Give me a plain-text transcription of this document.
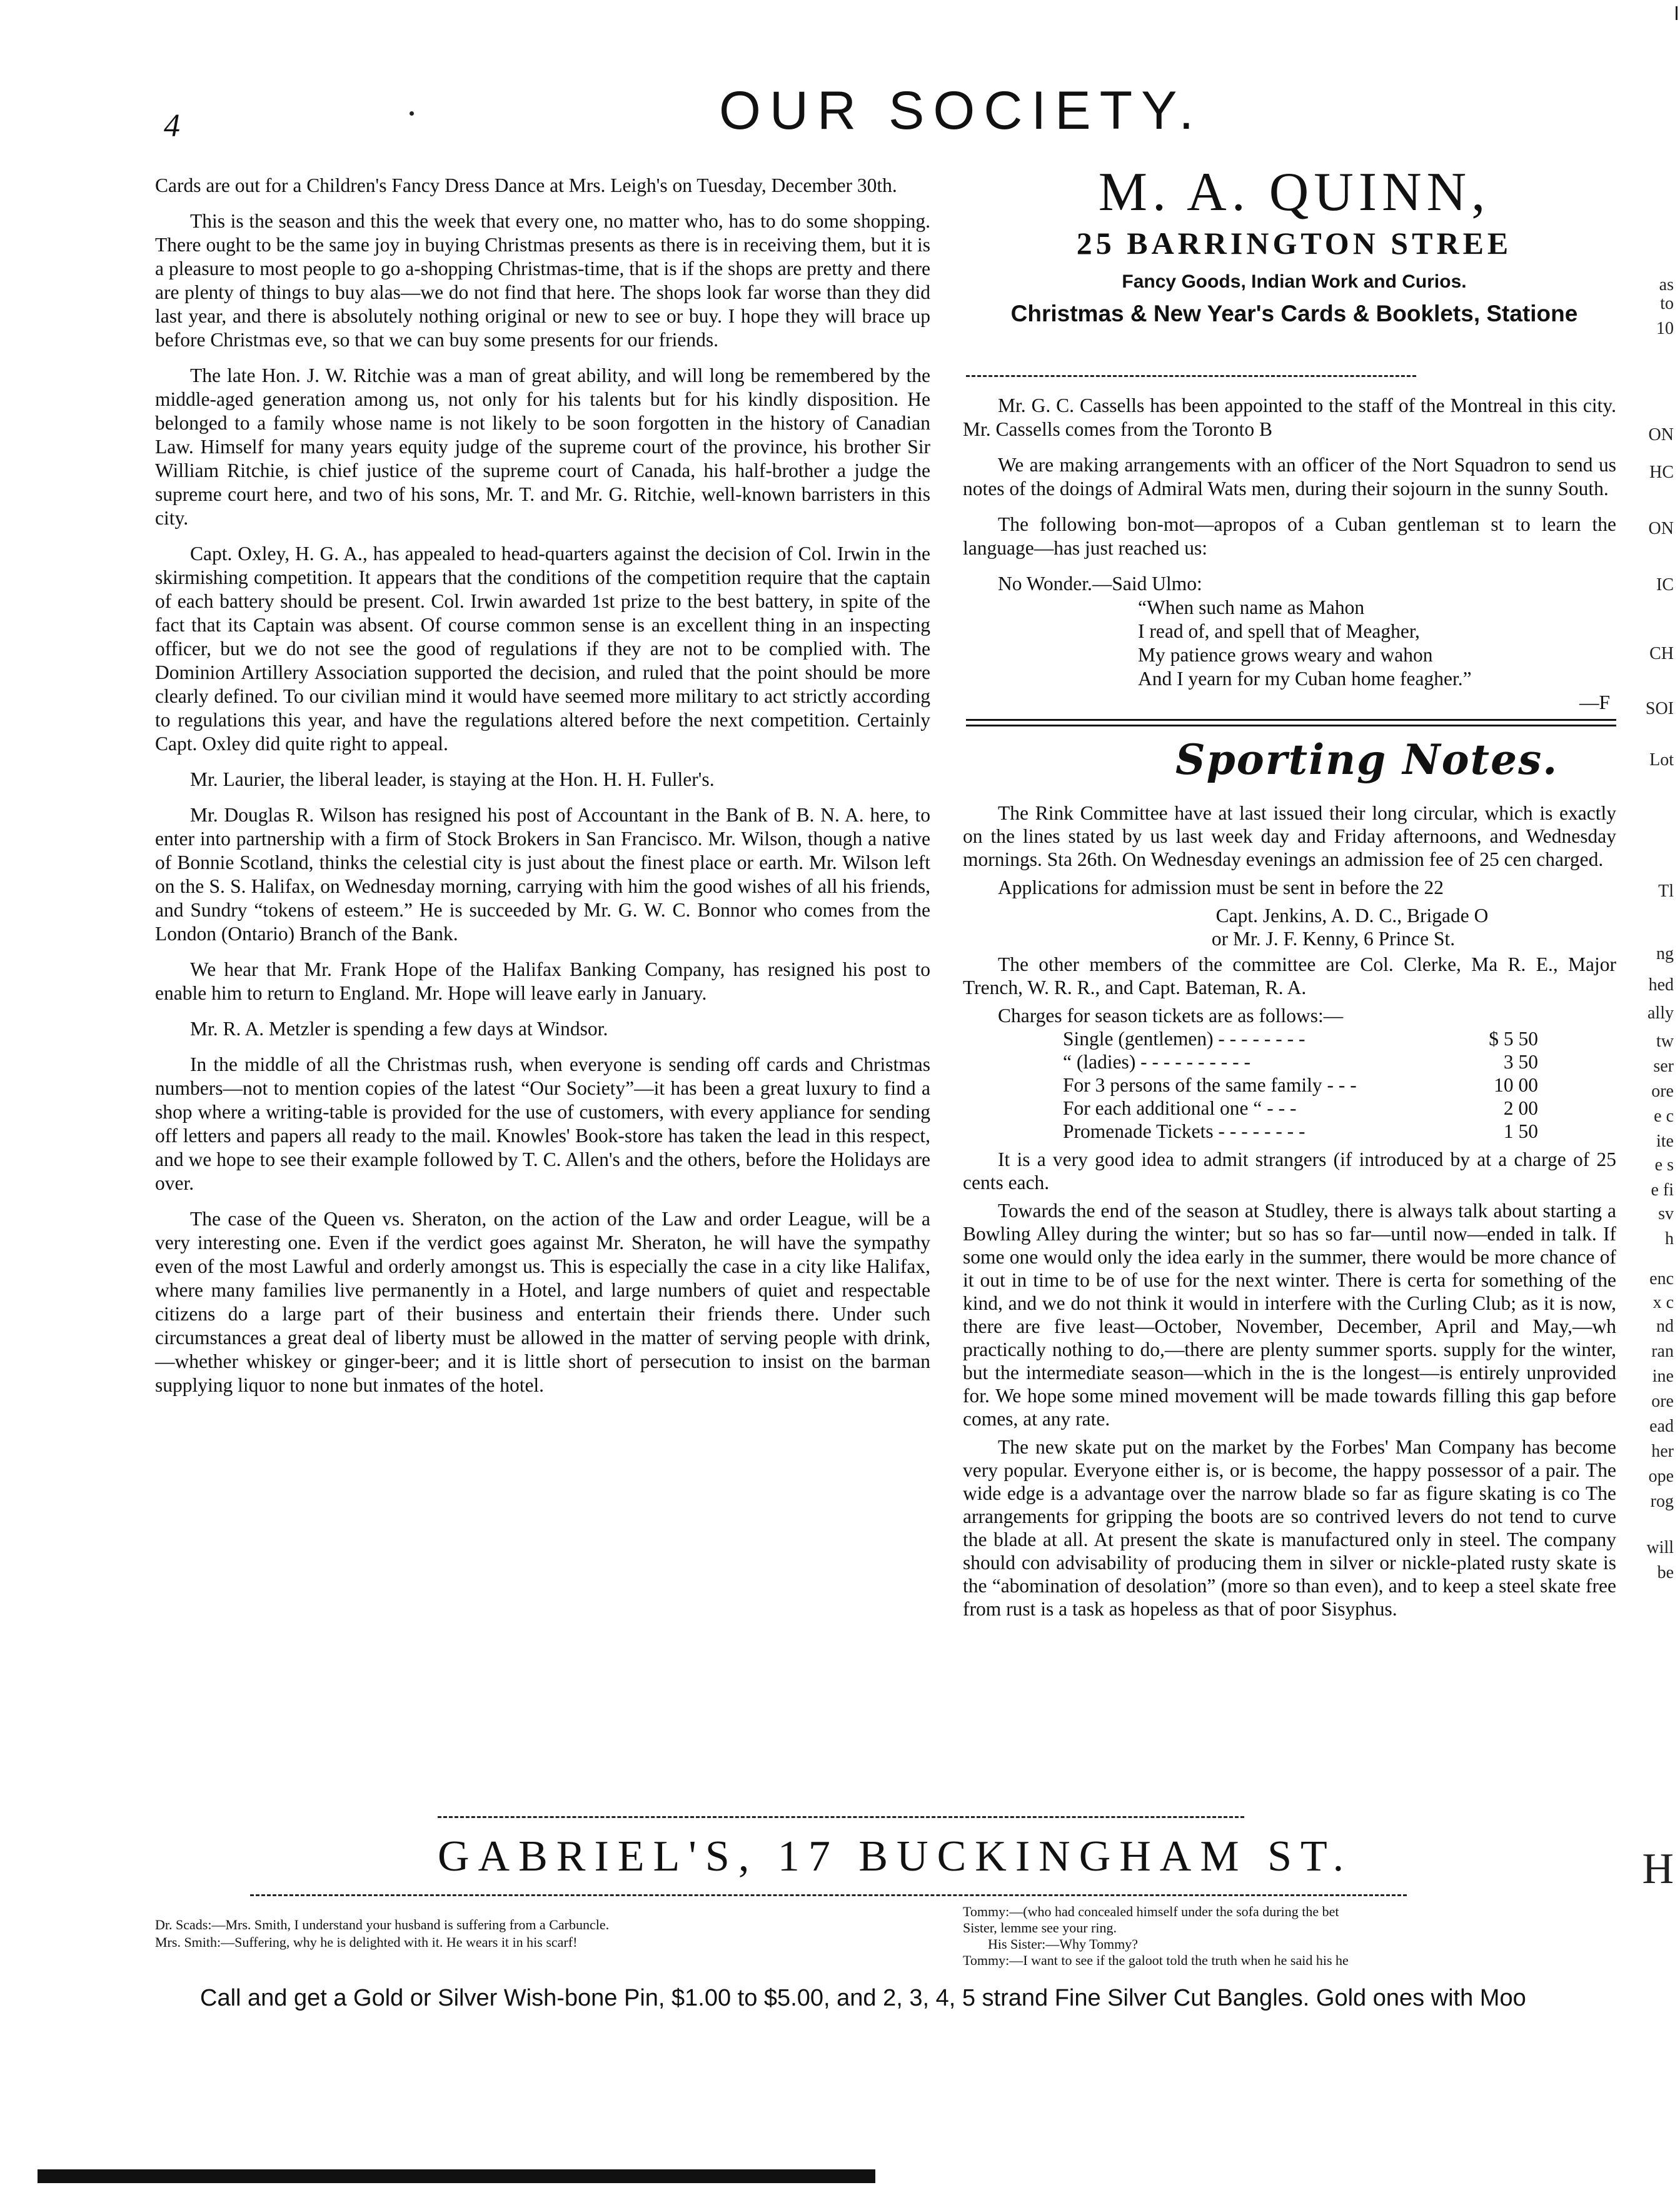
4	OUR SOCIETY.

Cards are out for a Children's Fancy Dress Dance at Mrs. Leigh's on Tuesday, December 30th.

This is the season and this the week that every one, no matter who, has to do some shopping. There ought to be the same joy in buying Christmas presents as there is in receiving them, but it is a pleasure to most people to go a-shopping Christmas-time, that is if the shops are pretty and there are plenty of things to buy alas—we do not find that here. The shops look far worse than they did last year, and there is absolutely nothing original or new to see or buy. I hope they will brace up before Christmas eve, so that we can buy some presents for our friends.

The late Hon. J. W. Ritchie was a man of great ability, and will long be remembered by the middle-aged generation among us, not only for his talents but for his kindly disposition. He belonged to a family whose name is not likely to be soon forgotten in the history of Canadian Law. Himself for many years equity judge of the supreme court of the province, his brother Sir William Ritchie, is chief justice of the supreme court of Canada, his half-brother a judge the supreme court here, and two of his sons, Mr. T. and Mr. G. Ritchie, well-known barristers in this city.

Capt. Oxley, H. G. A., has appealed to head-quarters against the decision of Col. Irwin in the skirmishing competition. It appears that the conditions of the competition require that the captain of each battery should be present. Col. Irwin awarded 1st prize to the best battery, in spite of the fact that its Captain was absent. Of course common sense is an excellent thing in an inspecting officer, but we do not see the good of regulations if they are not to be complied with. The Dominion Artillery Association supported the decision, and ruled that the point should be more clearly defined. To our civilian mind it would have seemed more military to act strictly according to regulations this year, and have the regulations altered before the next competition. Certainly Capt. Oxley did quite right to appeal.

Mr. Laurier, the liberal leader, is staying at the Hon. H. H. Fuller's.

Mr. Douglas R. Wilson has resigned his post of Accountant in the Bank of B. N. A. here, to enter into partnership with a firm of Stock Brokers in San Francisco. Mr. Wilson, though a native of Bonnie Scotland, thinks the celestial city is just about the finest place or earth. Mr. Wilson left on the S. S. Halifax, on Wednesday morning, carrying with him the good wishes of all his friends, and Sundry “tokens of esteem.” He is succeeded by Mr. G. W. C. Bonnor who comes from the London (Ontario) Branch of the Bank.

We hear that Mr. Frank Hope of the Halifax Banking Company, has resigned his post to enable him to return to England. Mr. Hope will leave early in January.

Mr. R. A. Metzler is spending a few days at Windsor.

In the middle of all the Christmas rush, when everyone is sending off cards and Christmas numbers—not to mention copies of the latest “Our Society”—it has been a great luxury to find a shop where a writing-table is provided for the use of customers, with every appliance for sending off letters and papers all ready to the mail. Knowles' Book-store has taken the lead in this respect, and we hope to see their example followed by T. C. Allen's and the others, before the Holidays are over.

The case of the Queen vs. Sheraton, on the action of the Law and order League, will be a very interesting one. Even if the verdict goes against Mr. Sheraton, he will have the sympathy even of the most Lawful and orderly amongst us. This is especially the case in a city like Halifax, where many families live permanently in a Hotel, and large numbers of quiet and respectable citizens do a large part of their business and entertain their friends there. Under such circumstances a great deal of liberty must be allowed in the matter of serving people with drink,—whether whiskey or ginger-beer; and it is little short of persecution to insist on the barman supplying liquor to none but inmates of the hotel.

M. A. QUINN,
25 BARRINGTON STREE
Fancy Goods, Indian Work and Curios.
Christmas & New Year's Cards & Booklets, Statione

Mr. G. C. Cassells has been appointed to the staff of the Montreal in this city. Mr. Cassells comes from the Toronto B

We are making arrangements with an officer of the Nort Squadron to send us notes of the doings of Admiral Wats men, during their sojourn in the sunny South.

The following bon-mot—apropos of a Cuban gentleman st to learn the language—has just reached us:

No Wonder.—Said Ulmo:
“When such name as Mahon
I read of, and spell that of Meagher,
My patience grows weary and wahon
And I yearn for my Cuban home feagher.”
—F
Sporting Notes.

The Rink Committee have at last issued their long circular, which is exactly on the lines stated by us last week day and Friday afternoons, and Wednesday mornings. Sta 26th. On Wednesday evenings an admission fee of 25 cen charged.

Applications for admission must be sent in before the 22

Capt. Jenkins, A. D. C., Brigade O
or Mr. J. F. Kenny, 6 Prince St.

The other members of the committee are Col. Clerke, Ma R. E., Major Trench, W. R. R., and Capt. Bateman, R. A.

Charges for season tickets are as follows:—
Single (gentlemen) - - - - - - - -	$ 5 50
“ (ladies) - - - - - - - - - -	3 50
For 3 persons of the same family - - -	10 00
For each additional one “ - - -	2 00
Promenade Tickets - - - - - - - -	1 50

It is a very good idea to admit strangers (if introduced by at a charge of 25 cents each.

Towards the end of the season at Studley, there is always talk about starting a Bowling Alley during the winter; but so has so far—until now—ended in talk. If some one would only the idea early in the summer, there would be more chance of it out in time to be of use for the next winter. There is certa for something of the kind, and we do not think it would in interfere with the Curling Club; as it is now, there are five least—October, November, December, April and May,—wh practically nothing to do,—there are plenty summer sports. supply for the winter, but the intermediate season—which in the is the longest—is entirely unprovided for. We hope some mined movement will be made towards filling this gap before comes, at any rate.

The new skate put on the market by the Forbes' Man Company has become very popular. Everyone either is, or is become, the happy possessor of a pair. The wide edge is a advantage over the narrow blade so far as figure skating is co The arrangements for gripping the boots are so contrived levers do not tend to curve the blade at all. At present the skate is manufactured only in steel. The company should con advisability of producing them in silver or nickle-plated rusty skate is the “abomination of desolation” (more so than even), and to keep a steel skate free from rust is a task as hopeless as that of poor Sisyphus.

GABRIEL'S, 17 BUCKINGHAM ST.
Dr. Scads:—Mrs. Smith, I understand your husband is suffering from a Carbuncle.
Mrs. Smith:—Suffering, why he is delighted with it. He wears it in his scarf!
Tommy:—(who had concealed himself under the sofa during the bet
Sister, lemme see your ring.
His Sister:—Why Tommy?
Tommy:—I want to see if the galoot told the truth when he said his he
Call and get a Gold or Silver Wish-bone Pin, $1.00 to $5.00, and 2, 3, 4, 5 strand Fine Silver Cut Bangles. Gold ones with Moo
as
to
10
ON
HC
ON
IC
CH
SOI
Lot
Tl
ng
hed
ally
tw
ser
ore
e c
ite
e s
e fi
sv
h
enc
x c
nd
ran
ine
ore
ead
her
ope
rog
will
be
H
